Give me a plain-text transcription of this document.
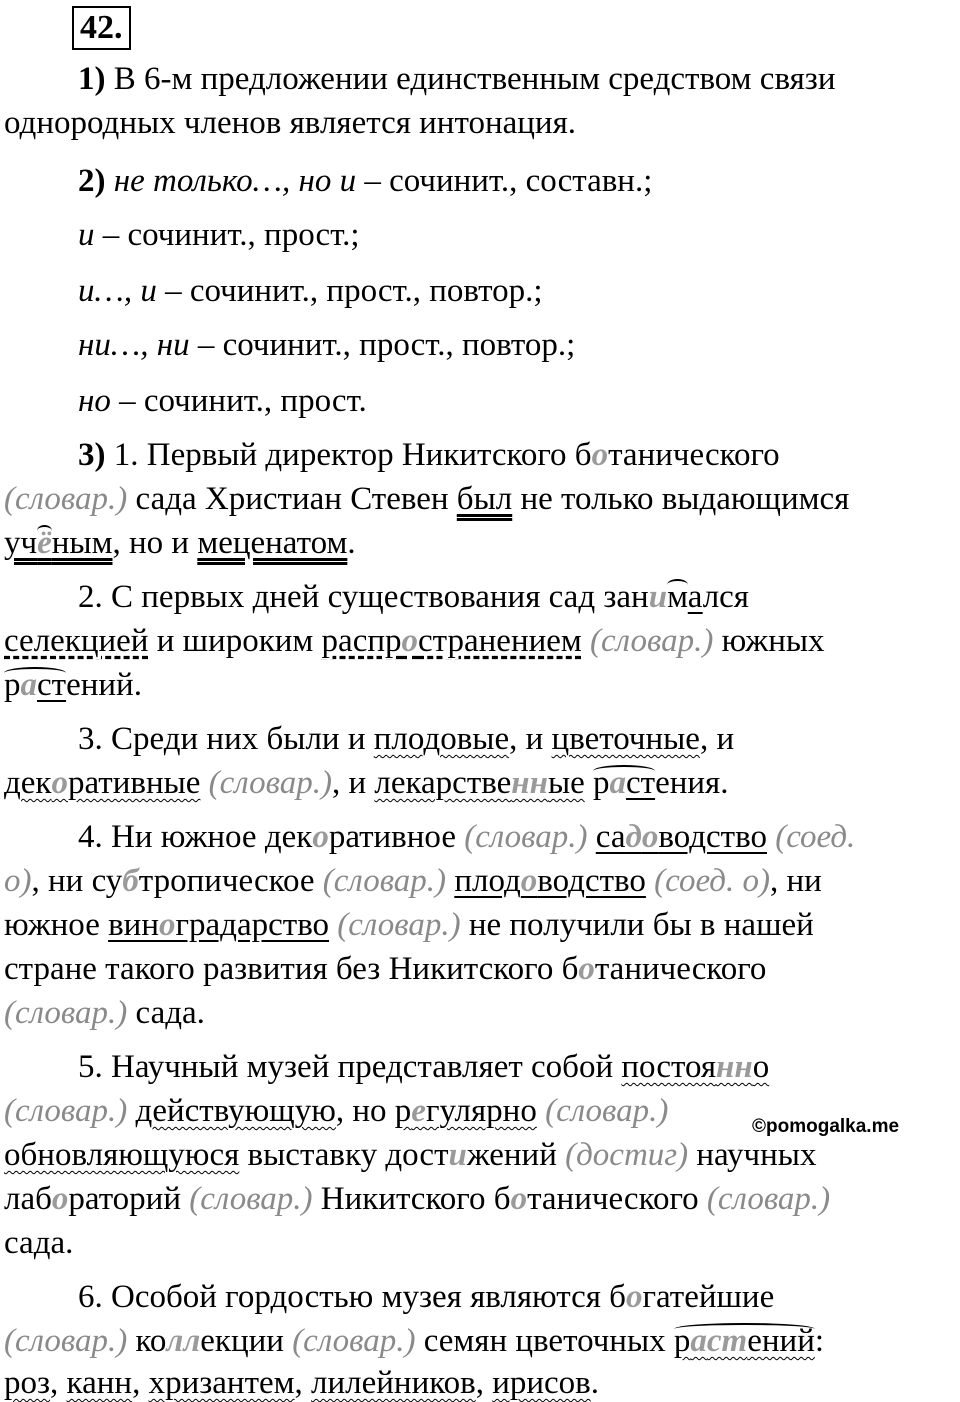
42.
1) В 6-м предложении единственным средством связи
однородных членов является интонация.
2) не только…, но и – сочинит., составн.;
и – сочинит., прост.;
и…, и – сочинит., прост., повтор.;
ни…, ни – сочинит., прост., повтор.;
но – сочинит., прост.
3) 1. Первый директор Никитского ботанического
(словар.) сада Христиан Стевен был не только выдающимся
учёным, но и меценатом.
2. С первых дней существования сад занимался
селекцией и широким распространением (словар.) южных
растений.
3. Среди них были и плодовые, и цветочные, и
декоративные (словар.), и лекарственные растения.
4. Ни южное декоративное (словар.) садоводство (соед.
о), ни субтропическое (словар.) плодоводство (соед. о), ни
южное виноградарство (словар.) не получили бы в нашей
стране такого развития без Никитского ботанического
(словар.) сада.
5. Научный музей представляет собой постоянно
(словар.) действующую, но регулярно (словар.)	©pomogalka.me
обновляющуюся выставку достижений (достиг) научных
лабораторий (словар.) Никитского ботанического (словар.)
сада.
6. Особой гордостью музея являются богатейшие
(словар.) коллекции (словар.) семян цветочных растений:
роз, канн, хризантем, лилейников, ирисов.
